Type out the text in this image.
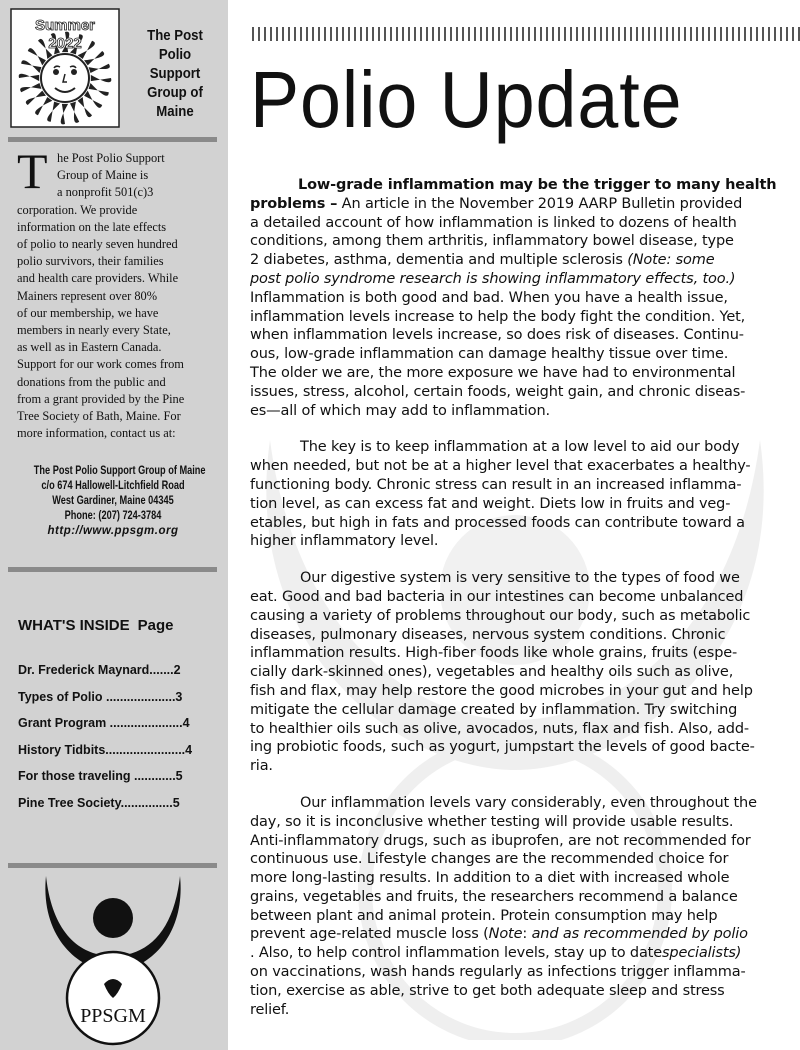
Summer
2022	The Post
Polio
Support
Group of
Maine
T he Post Polio Support
Group of Maine is
a nonprofit 501(c)3
corporation. We provide
information on the late effects
of polio to nearly seven hundred
polio survivors, their families
and health care providers. While
Mainers represent over 80%
of our membership, we have
members in nearly every State,
as well as in Eastern Canada.
Support for our work comes from
donations from the public and
from a grant provided by the Pine
Tree Society of Bath, Maine. For
more information, contact us at:
The Post Polio Support Group of Maine
c/o 674 Hallowell-Litchfield Road
West Gardiner, Maine 04345
Phone: (207) 724-3784
http://www.ppsgm.org
WHAT'S INSIDE Page
Dr. Frederick Maynard.......2
Types of Polio ....................3
Grant Program .....................4
History Tidbits.......................4
For those traveling ............5
Pine Tree Society...............5
PPSGM
Polio Update

Low-grade inflammation may be the trigger to many health
problems – An article in the November 2019 AARP Bulletin provided
a detailed account of how inflammation is linked to dozens of health
conditions, among them arthritis, inflammatory bowel disease, type
2 diabetes, asthma, dementia and multiple sclerosis (Note: some
post polio syndrome research is showing inflammatory effects, too.)
Inflammation is both good and bad. When you have a health issue,
inflammation levels increase to help the body fight the condition. Yet,
when inflammation levels increase, so does risk of diseases. Continu-
ous, low-grade inflammation can damage healthy tissue over time.
The older we are, the more exposure we have had to environmental
issues, stress, alcohol, certain foods, weight gain, and chronic diseas-
es—all of which may add to inflammation.

The key is to keep inflammation at a low level to aid our body
when needed, but not be at a higher level that exacerbates a healthy-
functioning body. Chronic stress can result in an increased inflamma-
tion level, as can excess fat and weight. Diets low in fruits and veg-
etables, but high in fats and processed foods can contribute toward a
higher inflammatory level.

Our digestive system is very sensitive to the types of food we
eat. Good and bad bacteria in our intestines can become unbalanced
causing a variety of problems throughout our body, such as metabolic
diseases, pulmonary diseases, nervous system conditions. Chronic
inflammation results. High-fiber foods like whole grains, fruits (espe-
cially dark-skinned ones), vegetables and healthy oils such as olive,
fish and flax, may help restore the good microbes in your gut and help
mitigate the cellular damage created by inflammation. Try switching
to healthier oils such as olive, avocados, nuts, flax and fish. Also, add-
ing probiotic foods, such as yogurt, jumpstart the levels of good bacte-
ria.

Our inflammation levels vary considerably, even throughout the
day, so it is inconclusive whether testing will provide usable results.
Anti-inflammatory drugs, such as ibuprofen, are not recommended for
continuous use. Lifestyle changes are the recommended choice for
more long-lasting results. In addition to a diet with increased whole
grains, vegetables and fruits, the researchers recommend a balance
between plant and animal protein. Protein consumption may help
prevent age-related muscle loss (Note: and as recommended by polio
. Also, to help control inflammation levels, stay up to datespecialists)
on vaccinations, wash hands regularly as infections trigger inflamma-
tion, exercise as able, strive to get both adequate sleep and stress
relief.
